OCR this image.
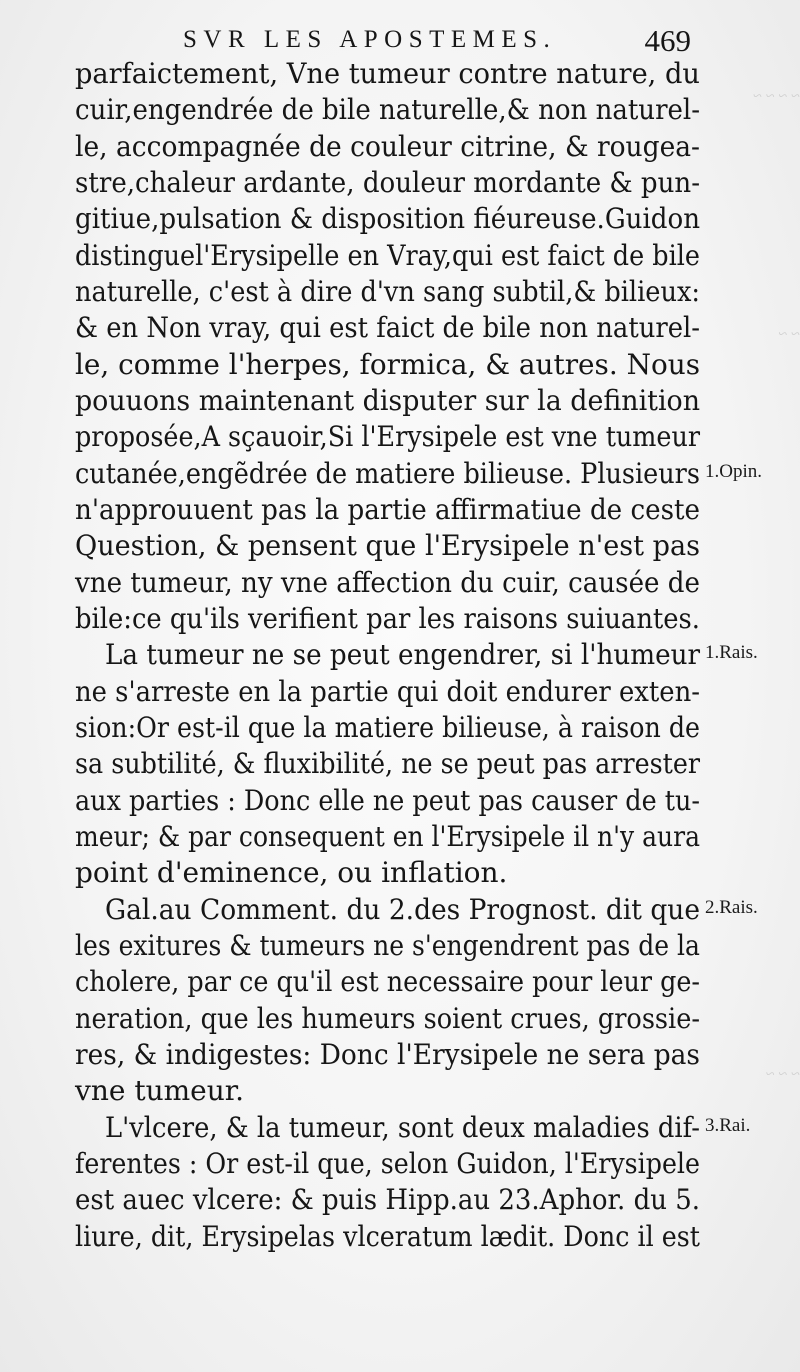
~ ~ ~ ~
~ ~
~ ~ ~
SVR LES APOSTEMES.	469
parfaictement, Vne tumeur contre nature, du
cuir,engendrée de bile naturelle,& non naturel-
le, accompagnée de couleur citrine, & rougea-
stre,chaleur ardante, douleur mordante & pun-
gitiue,pulsation & disposition fiéureuse.Guidon
distinguel'Erysipelle en Vray,qui est faict de bile
naturelle, c'est à dire d'vn sang subtil,& bilieux:
& en Non vray, qui est faict de bile non naturel-
le, comme l'herpes, formica, & autres. Nous
pouuons maintenant disputer sur la definition
proposée,A sçauoir,Si l'Erysipele est vne tumeur
cutanée,engẽdrée de matiere bilieuse. Plusieurs
n'approuuent pas la partie affirmatiue de ceste
Question, & pensent que l'Erysipele n'est pas
vne tumeur, ny vne affection du cuir, causée de
bile:ce qu'ils verifient par les raisons suiuantes.
La tumeur ne se peut engendrer, si l'humeur
ne s'arreste en la partie qui doit endurer exten-
sion:Or est-il que la matiere bilieuse, à raison de
sa subtilité, & fluxibilité, ne se peut pas arrester
aux parties : Donc elle ne peut pas causer de tu-
meur; & par consequent en l'Erysipele il n'y aura
point d'eminence, ou inflation.
Gal.au Comment. du 2.des Prognost. dit que
les exitures & tumeurs ne s'engendrent pas de la
cholere, par ce qu'il est necessaire pour leur ge-
neration, que les humeurs soient crues, grossie-
res, & indigestes: Donc l'Erysipele ne sera pas
vne tumeur.
L'vlcere, & la tumeur, sont deux maladies dif-
ferentes : Or est-il que, selon Guidon, l'Erysipele
est auec vlcere: & puis Hipp.au 23.Aphor. du 5.
liure, dit, Erysipelas vlceratum lædit. Donc il est
1.Opin.
1.Rais.
2.Rais.
3.Rai.
